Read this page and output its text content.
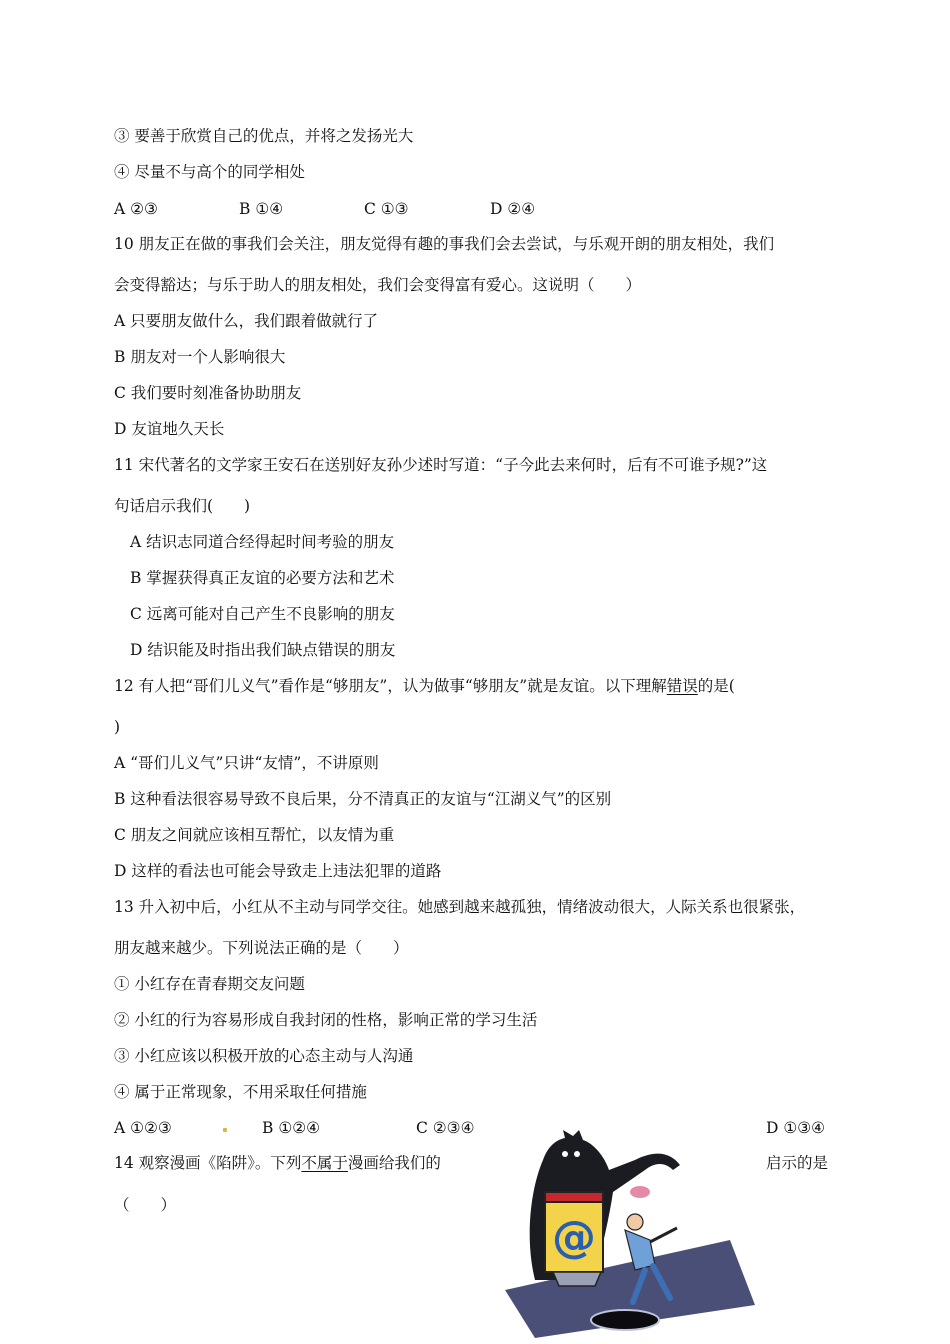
③ 要善于欣赏自己的优点，并将之发扬光大
④ 尽量不与高个的同学相处
A ②③	B ①④	C ①③	D ②④
10 朋友正在做的事我们会关注，朋友觉得有趣的事我们会去尝试，与乐观开朗的朋友相处，我们
会变得豁达；与乐于助人的朋友相处，我们会变得富有爱心。这说明（　　）
A 只要朋友做什么，我们跟着做就行了
B 朋友对一个人影响很大
C 我们要时刻准备协助朋友
D 友谊地久天长
11 宋代著名的文学家王安石在送别好友孙少述时写道：“子今此去来何时，后有不可谁予规?”这
句话启示我们(　　)
A 结识志同道合经得起时间考验的朋友
B 掌握获得真正友谊的必要方法和艺术
C 远离可能对自己产生不良影响的朋友
D 结识能及时指出我们缺点错误的朋友
12 有人把“哥们儿义气”看作是“够朋友”，认为做事“够朋友”就是友谊。以下理解错误的是(
)
A “哥们儿义气”只讲“友情”，不讲原则
B 这种看法很容易导致不良后果，分不清真正的友谊与“江湖义气”的区别
C 朋友之间就应该相互帮忙，以友情为重
D 这样的看法也可能会导致走上违法犯罪的道路
13 升入初中后，小红从不主动与同学交往。她感到越来越孤独，情绪波动很大，人际关系也很紧张，
朋友越来越少。下列说法正确的是（　　）
① 小红存在青春期交友问题
② 小红的行为容易形成自我封闭的性格，影响正常的学习生活
③ 小红应该以积极开放的心态主动与人沟通
④ 属于正常现象，不用采取任何措施
A ①②③	B ①②④	C ②③④	D ①③④
14 观察漫画《陷阱》。下列不属于漫画给我们的	启示的是
（　　）
@
